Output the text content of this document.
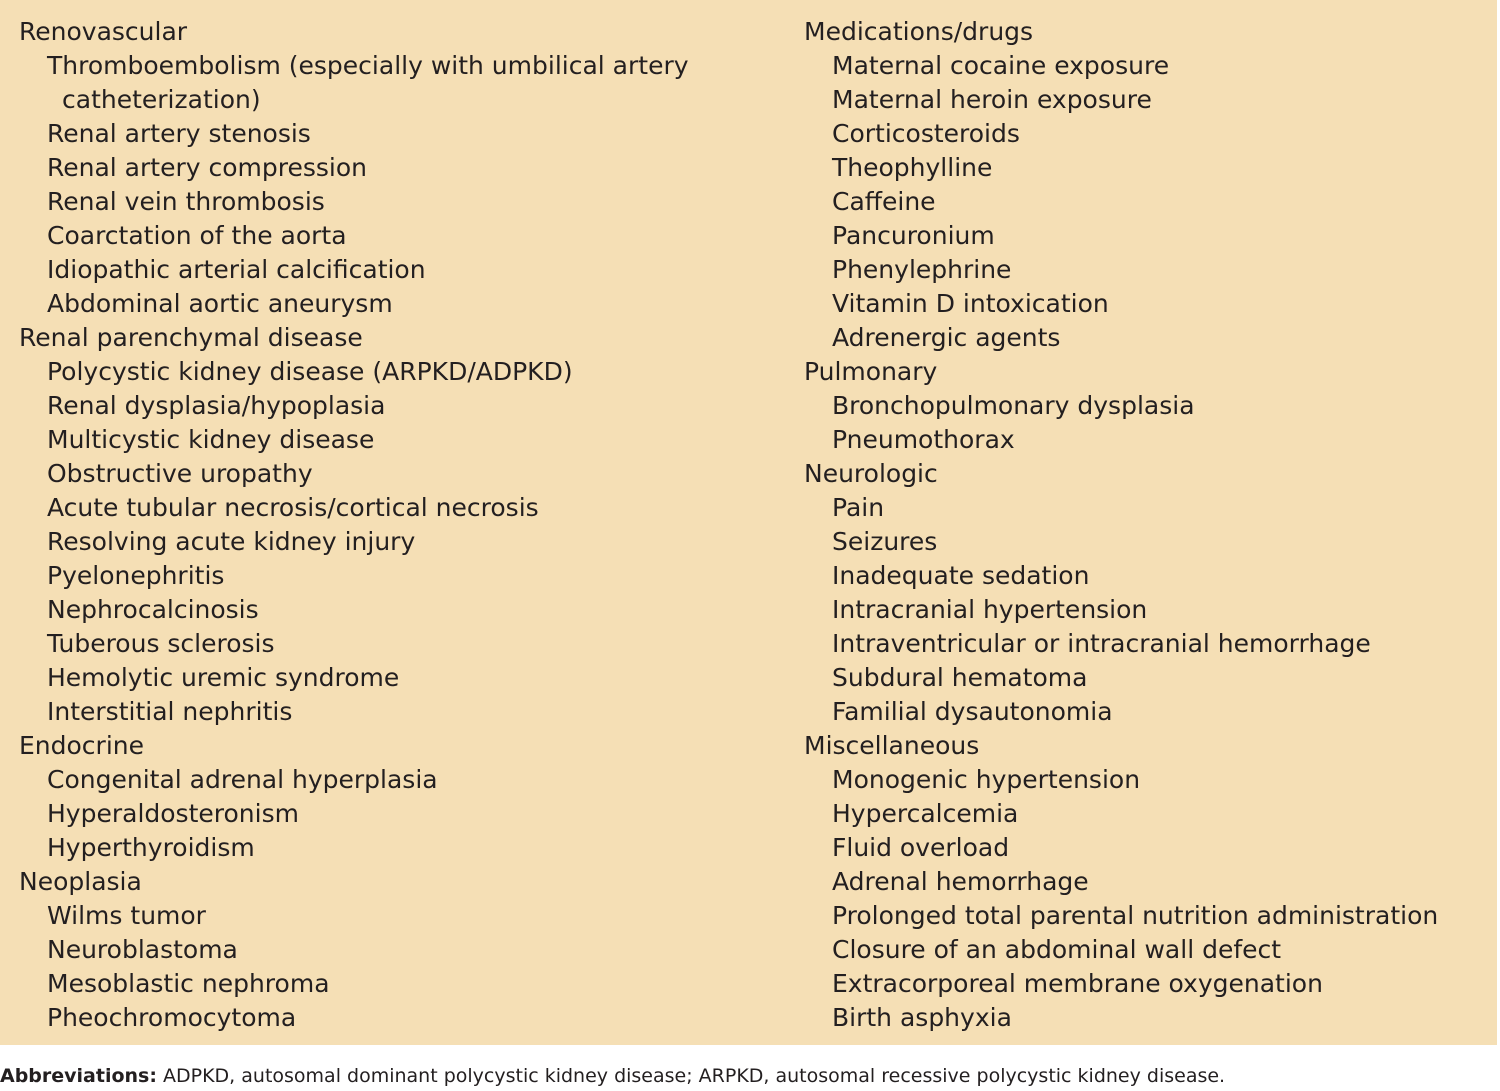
Renovascular
Thromboembolism (especially with umbilical artery catheterization)
Renal artery stenosis
Renal artery compression
Renal vein thrombosis
Coarctation of the aorta
Idiopathic arterial calcification
Abdominal aortic aneurysm
Renal parenchymal disease
Polycystic kidney disease (ARPKD/ADPKD)
Renal dysplasia/hypoplasia
Multicystic kidney disease
Obstructive uropathy
Acute tubular necrosis/cortical necrosis
Resolving acute kidney injury
Pyelonephritis
Nephrocalcinosis
Tuberous sclerosis
Hemolytic uremic syndrome
Interstitial nephritis
Endocrine
Congenital adrenal hyperplasia
Hyperaldosteronism
Hyperthyroidism
Neoplasia
Wilms tumor
Neuroblastoma
Mesoblastic nephroma
Pheochromocytoma
Medications/drugs
Maternal cocaine exposure
Maternal heroin exposure
Corticosteroids
Theophylline
Caffeine
Pancuronium
Phenylephrine
Vitamin D intoxication
Adrenergic agents
Pulmonary
Bronchopulmonary dysplasia
Pneumothorax
Neurologic
Pain
Seizures
Inadequate sedation
Intracranial hypertension
Intraventricular or intracranial hemorrhage
Subdural hematoma
Familial dysautonomia
Miscellaneous
Monogenic hypertension
Hypercalcemia
Fluid overload
Adrenal hemorrhage
Prolonged total parental nutrition administration
Closure of an abdominal wall defect
Extracorporeal membrane oxygenation
Birth asphyxia
Abbreviations: ADPKD, autosomal dominant polycystic kidney disease; ARPKD, autosomal recessive polycystic kidney disease.
